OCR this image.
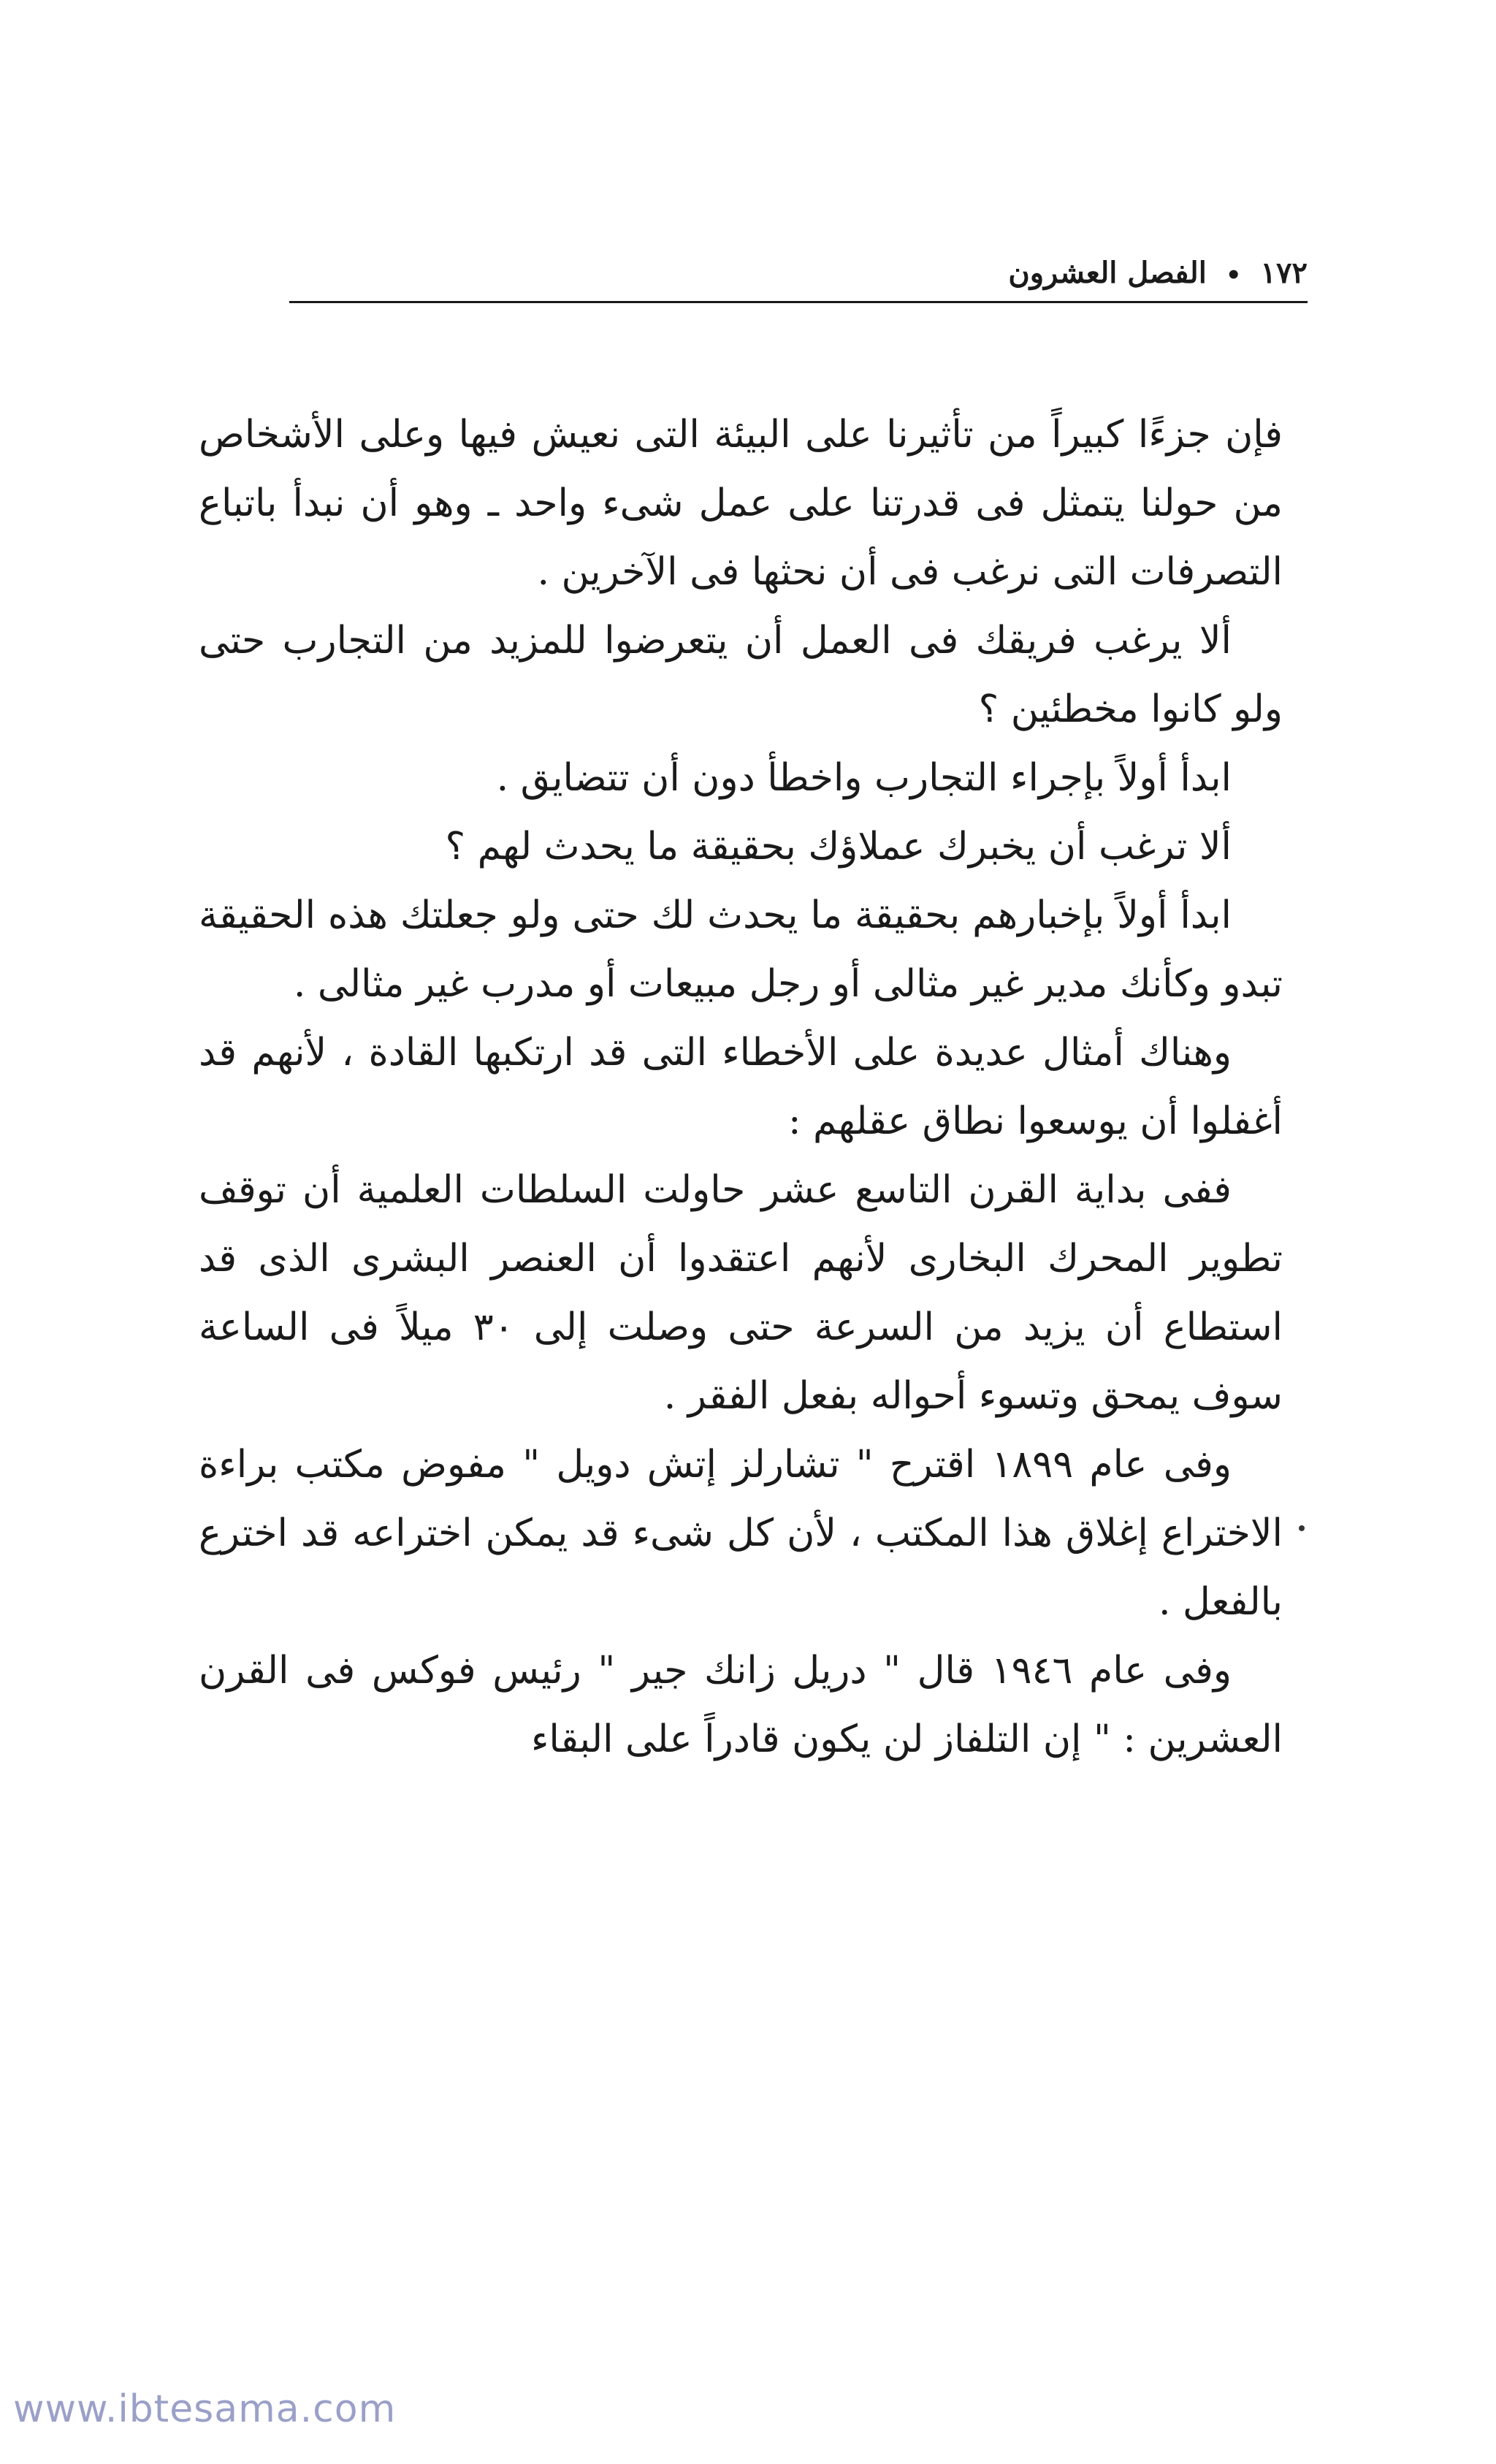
١٧٢
•
الفصل العشرون

فإن جزءًا كبيراً من تأثيرنا على البيئة التى نعيش فيها وعلى الأشخاص من حولنا يتمثل فى قدرتنا على عمل شىء واحد ـ وهو أن نبدأ باتباع التصرفات التى نرغب فى أن نحثها فى الآخرين .

ألا يرغب فريقك فى العمل أن يتعرضوا للمزيد من التجارب حتى ولو كانوا مخطئين ؟

ابدأ أولاً بإجراء التجارب واخطأ دون أن تتضايق .

ألا ترغب أن يخبرك عملاؤك بحقيقة ما يحدث لهم ؟

ابدأ أولاً بإخبارهم بحقيقة ما يحدث لك حتى ولو جعلتك هذه الحقيقة تبدو وكأنك مدير غير مثالى أو رجل مبيعات أو مدرب غير مثالى .

وهناك أمثال عديدة على الأخطاء التى قد ارتكبها القادة ، لأنهم قد أغفلوا أن يوسعوا نطاق عقلهم :

ففى بداية القرن التاسع عشر حاولت السلطات العلمية أن توقف تطوير المحرك البخارى لأنهم اعتقدوا أن العنصر البشرى الذى قد استطاع أن يزيد من السرعة حتى وصلت إلى ٣٠ ميلاً فى الساعة سوف يمحق وتسوء أحواله بفعل الفقر .

وفى عام ١٨٩٩ اقترح " تشارلز إتش دويل " مفوض مكتب براءة الاختراع إغلاق هذا المكتب ، لأن كل شىء قد يمكن اختراعه قد اخترع بالفعل .

وفى عام ١٩٤٦ قال " دريل زانك جير " رئيس فوكس فى القرن العشرين : " إن التلفاز لن يكون قادراً على البقاء

www.ibtesama.com
